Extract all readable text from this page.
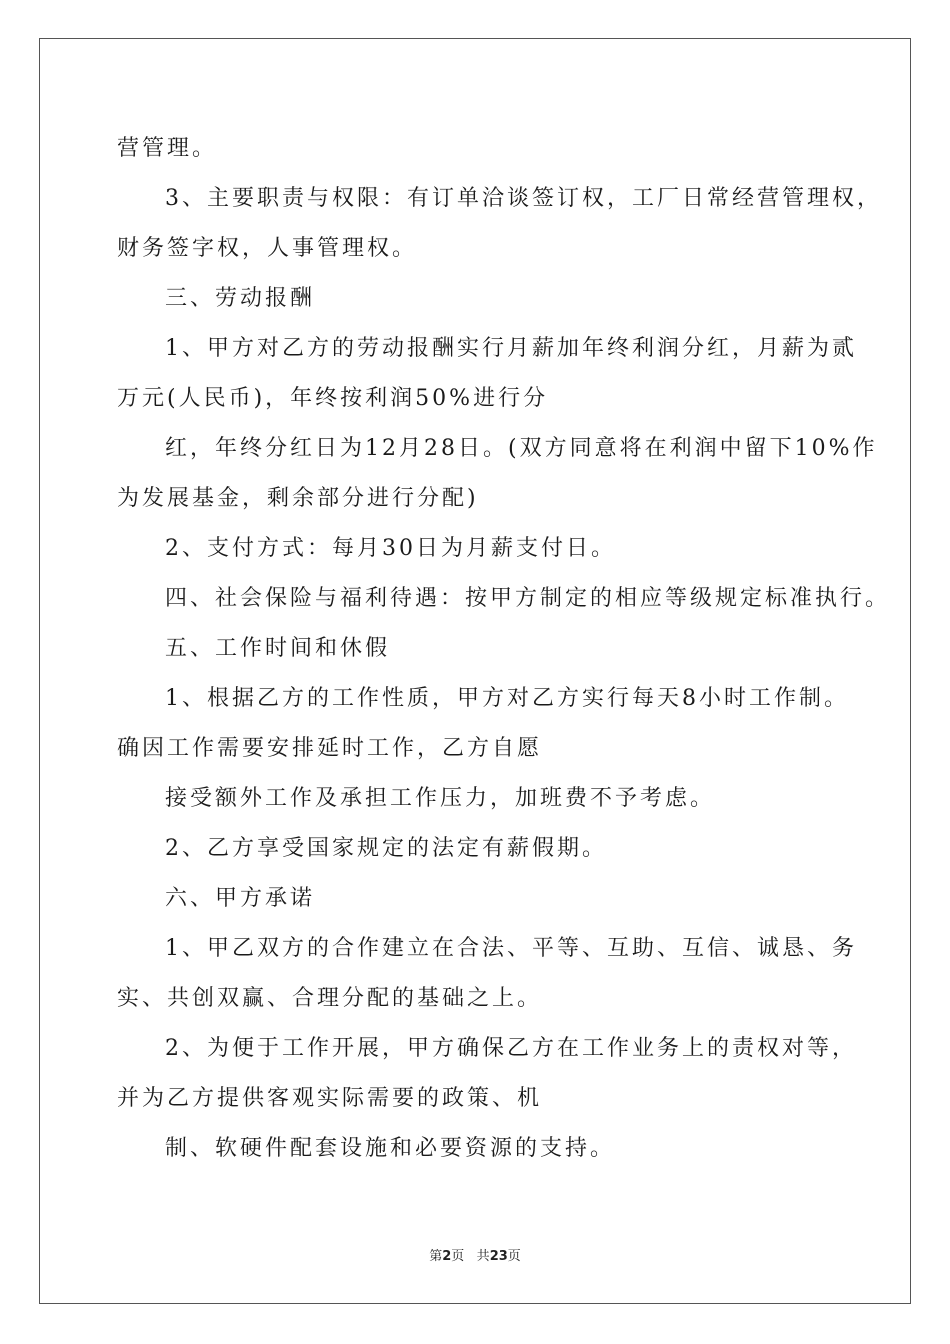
营管理。
3、主要职责与权限：有订单洽谈签订权，工厂日常经营管理权，
财务签字权，人事管理权。
三、劳动报酬
1、甲方对乙方的劳动报酬实行月薪加年终利润分红，月薪为贰
万元(人民币)，年终按利润50%进行分
红，年终分红日为12月28日。(双方同意将在利润中留下10%作
为发展基金，剩余部分进行分配)
2、支付方式：每月30日为月薪支付日。
四、社会保险与福利待遇：按甲方制定的相应等级规定标准执行。
五、工作时间和休假
1、根据乙方的工作性质，甲方对乙方实行每天8小时工作制。
确因工作需要安排延时工作，乙方自愿
接受额外工作及承担工作压力，加班费不予考虑。
2、乙方享受国家规定的法定有薪假期。
六、甲方承诺
1、甲乙双方的合作建立在合法、平等、互助、互信、诚恳、务
实、共创双赢、合理分配的基础之上。
2、为便于工作开展，甲方确保乙方在工作业务上的责权对等，
并为乙方提供客观实际需要的政策、机
制、软硬件配套设施和必要资源的支持。
第2页 共23页
